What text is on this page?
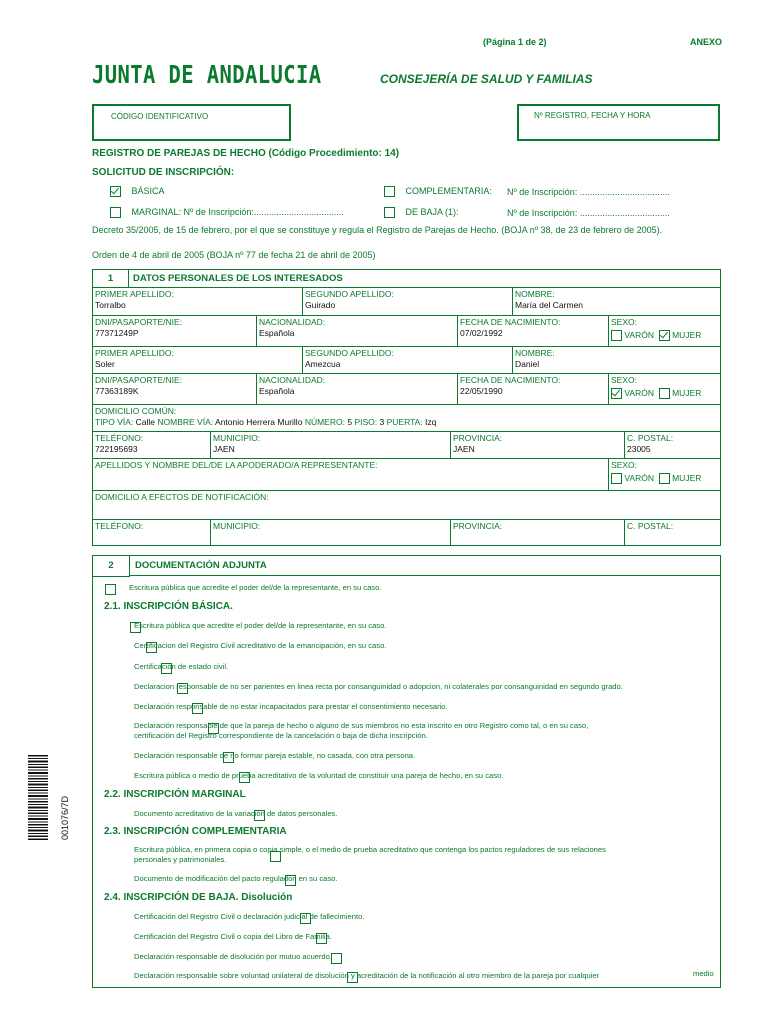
(Página 1 de 2)	ANEXO
JUNTA DE ANDALUCIA	CONSEJERÍA DE SALUD Y FAMILIAS
CÓDIGO IDENTIFICATIVO	Nº REGISTRO, FECHA Y HORA
REGISTRO DE PAREJAS DE HECHO (Código Procedimiento: 14)
SOLICITUD DE INSCRIPCIÓN:
BÁSICA	COMPLEMENTARIA: Nº de Inscripción: ....................................
MARGINAL: Nº de Inscripción:....................................	DE BAJA (1):	Nº de Inscripción: ....................................
Decreto 35/2005, de 15 de febrero, por el que se constituye y regula el Registro de Parejas de Hecho. (BOJA nº 38, de 23 de febrero de 2005).
Orden de 4 de abril de 2005 (BOJA nº 77 de fecha 21 de abril de 2005)
1	DATOS PERSONALES DE LOS INTERESADOS
PRIMER APELLIDO:
Torralbo
SEGUNDO APELLIDO:
Guirado
NOMBRE:
María del Carmen
DNI/PASAPORTE/NIE:
77371249P
NACIONALIDAD:
Española
FECHA DE NACIMIENTO:
07/02/1992
SEXO:
VARÓN MUJER
PRIMER APELLIDO:
Soler
SEGUNDO APELLIDO:
Amezcua
NOMBRE:
Daniel
DNI/PASAPORTE/NIE:
77363189K
NACIONALIDAD:
Española
FECHA DE NACIMIENTO:
22/05/1990
SEXO:
VARÓN MUJER
DOMICILIO COMÚN:
TIPO VÍA: Calle NOMBRE VÍA: Antonio Herrera Murillo NÚMERO: 5 PISO: 3 PUERTA: Izq
TELÉFONO:
722195693
MUNICIPIO:
JAEN
PROVINCIA:
JAEN
C. POSTAL:
23005
APELLIDOS Y NOMBRE DEL/DE LA APODERADO/A REPRESENTANTE:	SEXO:
VARÓN MUJER
DOMICILIO A EFECTOS DE NOTIFICACIÓN:
TELÉFONO:	MUNICIPIO:	PROVINCIA:	C. POSTAL:
2	DOCUMENTACIÓN ADJUNTA

Escritura pública que acredite el poder del/de la representante, en su caso.
2.1. INSCRIPCIÓN BÁSICA.

Escritura pública que acredite el poder del/de la representante, en su caso.

Certificacion del Registro Civil acreditativo de la emancipación, en su caso.

Certificación de estado civil.

Declaracion responsable de no ser parientes en linea recta por consanguinidad o adopcion, ni colaterales por consanguinidad en segundo grado.

Declaración responsable de no estar incapacitados para prestar el consentimiento necesario.

Declaración responsable de que la pareja de hecho o alguno de sus miembros no esta inscrito en otro Registro como tal, o en su caso,
certificación del Registro correspondiente de la cancelación o baja de dicha inscripción.

Declaración responsable de no formar pareja estable, no casada, con otra persona.

Escritura pública o medio de prueba acreditativo de la voluntad de constituir una pareja de hecho, en su caso.
2.2. INSCRIPCIÓN MARGINAL

Documento acreditativo de la variación de datos personales.
2.3. INSCRIPCIÓN COMPLEMENTARIA

Escritura pública, en primera copia o copia simple, o el medio de prueba acreditativo que contenga los pactos reguladores de sus relaciones
personales y patrimoniales.

Documento de modificación del pacto regulador, en su caso.
2.4. INSCRIPCIÓN DE BAJA. Disolución

Certificación del Registro Civil o declaración judicial de fallecimiento.

Certificación del Registro Civil o copia del Libro de Familia.

Declaración responsable de disolución por mutuo acuerdo.
Declaración responsable sobre voluntad unilateral de disolución y acreditación de la notificación al otro miembro de la pareja por cualquier	medio
001076/7D
